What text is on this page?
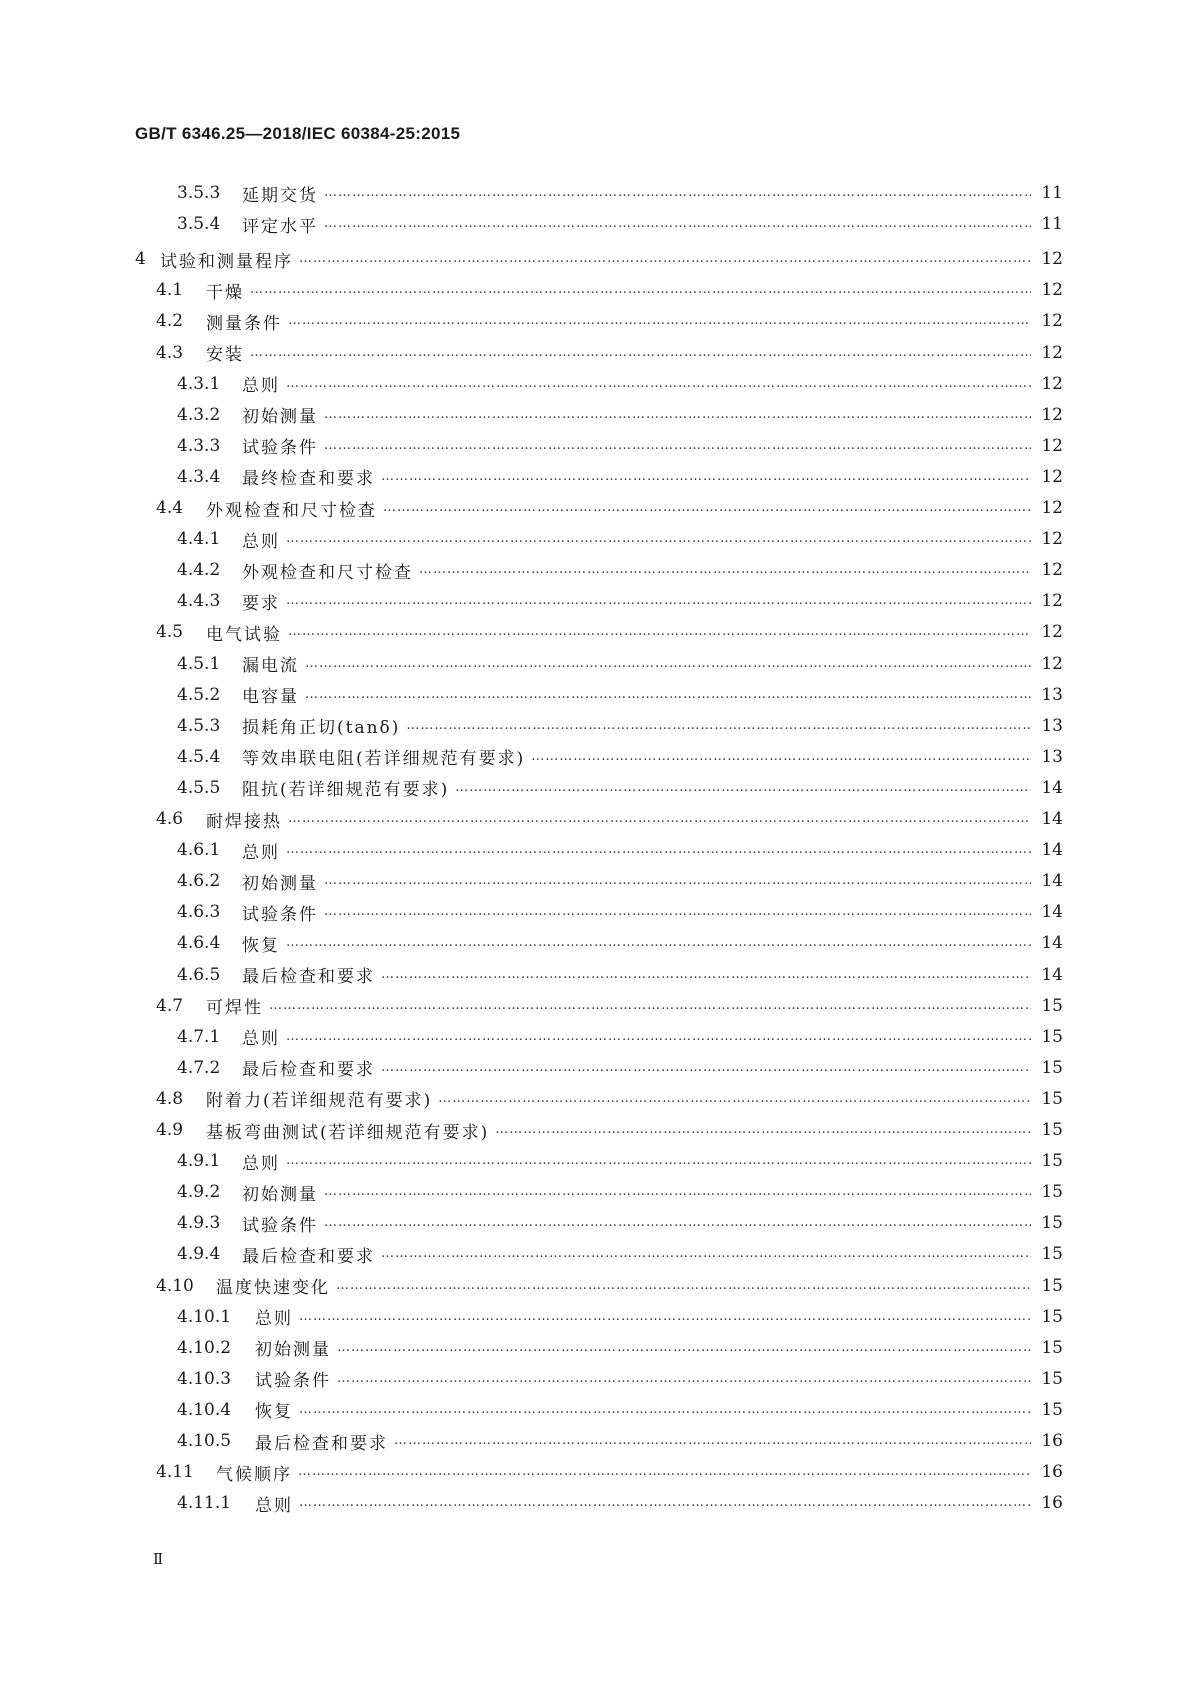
GB/T 6346.25—2018/IEC 60384-25:2015
3.5.3	延期交货 ………………………………………………………………………………………………………………………………………………………………………………………………………………………………	11
3.5.4	评定水平 ………………………………………………………………………………………………………………………………………………………………………………………………………………………………	11
4 试验和测量程序 ………………………………………………………………………………………………………………………………………………………………………………………………………………………………	12
4.1	干燥 ………………………………………………………………………………………………………………………………………………………………………………………………………………………………	12
4.2	测量条件 ………………………………………………………………………………………………………………………………………………………………………………………………………………………………	12
4.3	安装 ………………………………………………………………………………………………………………………………………………………………………………………………………………………………	12
4.3.1	总则 ………………………………………………………………………………………………………………………………………………………………………………………………………………………………	12
4.3.2	初始测量 ………………………………………………………………………………………………………………………………………………………………………………………………………………………………	12
4.3.3	试验条件 ………………………………………………………………………………………………………………………………………………………………………………………………………………………………	12
4.3.4	最终检查和要求 ………………………………………………………………………………………………………………………………………………………………………………………………………………………………	12
4.4	外观检查和尺寸检查 ………………………………………………………………………………………………………………………………………………………………………………………………………………………………	12
4.4.1	总则 ………………………………………………………………………………………………………………………………………………………………………………………………………………………………	12
4.4.2	外观检查和尺寸检查 ………………………………………………………………………………………………………………………………………………………………………………………………………………………………	12
4.4.3	要求 ………………………………………………………………………………………………………………………………………………………………………………………………………………………………	12
4.5	电气试验 ………………………………………………………………………………………………………………………………………………………………………………………………………………………………	12
4.5.1	漏电流 ………………………………………………………………………………………………………………………………………………………………………………………………………………………………	12
4.5.2	电容量 ………………………………………………………………………………………………………………………………………………………………………………………………………………………………	13
4.5.3	损耗角正切(tanδ) ………………………………………………………………………………………………………………………………………………………………………………………………………………………………	13
4.5.4	等效串联电阻(若详细规范有要求) ………………………………………………………………………………………………………………………………………………………………………………………………………………………………	13
4.5.5	阻抗(若详细规范有要求) ………………………………………………………………………………………………………………………………………………………………………………………………………………………………	14
4.6	耐焊接热 ………………………………………………………………………………………………………………………………………………………………………………………………………………………………	14
4.6.1	总则 ………………………………………………………………………………………………………………………………………………………………………………………………………………………………	14
4.6.2	初始测量 ………………………………………………………………………………………………………………………………………………………………………………………………………………………………	14
4.6.3	试验条件 ………………………………………………………………………………………………………………………………………………………………………………………………………………………………	14
4.6.4	恢复 ………………………………………………………………………………………………………………………………………………………………………………………………………………………………	14
4.6.5	最后检查和要求 ………………………………………………………………………………………………………………………………………………………………………………………………………………………………	14
4.7	可焊性 ………………………………………………………………………………………………………………………………………………………………………………………………………………………………	15
4.7.1	总则 ………………………………………………………………………………………………………………………………………………………………………………………………………………………………	15
4.7.2	最后检查和要求 ………………………………………………………………………………………………………………………………………………………………………………………………………………………………	15
4.8	附着力(若详细规范有要求) ………………………………………………………………………………………………………………………………………………………………………………………………………………………………	15
4.9	基板弯曲测试(若详细规范有要求) ………………………………………………………………………………………………………………………………………………………………………………………………………………………………	15
4.9.1	总则 ………………………………………………………………………………………………………………………………………………………………………………………………………………………………	15
4.9.2	初始测量 ………………………………………………………………………………………………………………………………………………………………………………………………………………………………	15
4.9.3	试验条件 ………………………………………………………………………………………………………………………………………………………………………………………………………………………………	15
4.9.4	最后检查和要求 ………………………………………………………………………………………………………………………………………………………………………………………………………………………………	15
4.10	温度快速变化 ………………………………………………………………………………………………………………………………………………………………………………………………………………………………	15
4.10.1	总则 ………………………………………………………………………………………………………………………………………………………………………………………………………………………………	15
4.10.2	初始测量 ………………………………………………………………………………………………………………………………………………………………………………………………………………………………	15
4.10.3	试验条件 ………………………………………………………………………………………………………………………………………………………………………………………………………………………………	15
4.10.4	恢复 ………………………………………………………………………………………………………………………………………………………………………………………………………………………………	15
4.10.5	最后检查和要求 ………………………………………………………………………………………………………………………………………………………………………………………………………………………………	16
4.11	气候顺序 ………………………………………………………………………………………………………………………………………………………………………………………………………………………………	16
4.11.1	总则 ………………………………………………………………………………………………………………………………………………………………………………………………………………………………	16
Ⅱ
